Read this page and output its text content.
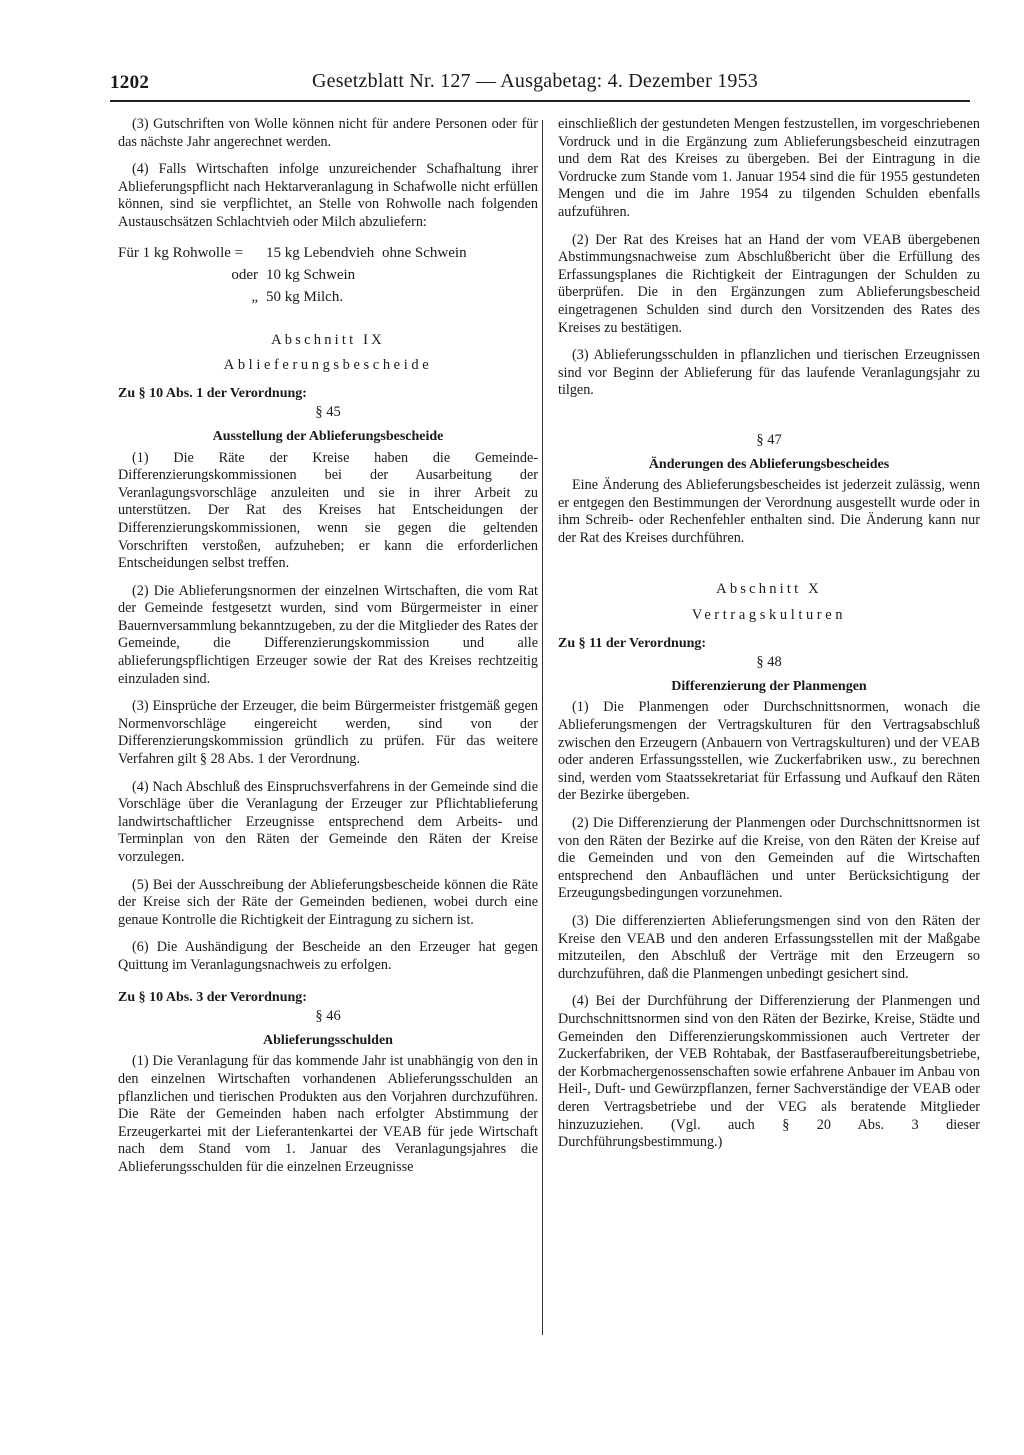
1202	Gesetzblatt Nr. 127 — Ausgabetag: 4. Dezember 1953

(3) Gutschriften von Wolle können nicht für andere Personen oder für das nächste Jahr angerechnet werden.

(4) Falls Wirtschaften infolge unzureichender Schafhaltung ihrer Ablieferungspflicht nach Hektarveranlagung in Schafwolle nicht erfüllen können, sind sie verpflichtet, an Stelle von Rohwolle nach folgenden Austauschsätzen Schlachtvieh oder Milch abzuliefern:

Für 1 kg Rohwolle =	15 kg Lebendvieh ohne Schwein
oder 10 kg Schwein
„ 50 kg Milch.
Abschnitt IX
Ablieferungsbescheide
Zu § 10 Abs. 1 der Verordnung:
§ 45
Ausstellung der Ablieferungsbescheide

(1) Die Räte der Kreise haben die Gemeinde-Differenzierungskommissionen bei der Ausarbeitung der Veranlagungsvorschläge anzuleiten und sie in ihrer Arbeit zu unterstützen. Der Rat des Kreises hat Entscheidungen der Differenzierungskommissionen, wenn sie gegen die geltenden Vorschriften verstoßen, aufzuheben; er kann die erforderlichen Entscheidungen selbst treffen.

(2) Die Ablieferungsnormen der einzelnen Wirtschaften, die vom Rat der Gemeinde festgesetzt wurden, sind vom Bürgermeister in einer Bauernversammlung bekanntzugeben, zu der die Mitglieder des Rates der Gemeinde, die Differenzierungskommission und alle ablieferungspflichtigen Erzeuger sowie der Rat des Kreises rechtzeitig einzuladen sind.

(3) Einsprüche der Erzeuger, die beim Bürgermeister fristgemäß gegen Normenvorschläge eingereicht werden, sind von der Differenzierungskommission gründlich zu prüfen. Für das weitere Verfahren gilt § 28 Abs. 1 der Verordnung.

(4) Nach Abschluß des Einspruchsverfahrens in der Gemeinde sind die Vorschläge über die Veranlagung der Erzeuger zur Pflichtablieferung landwirtschaftlicher Erzeugnisse entsprechend dem Arbeits- und Terminplan von den Räten der Gemeinde den Räten der Kreise vorzulegen.

(5) Bei der Ausschreibung der Ablieferungsbescheide können die Räte der Kreise sich der Räte der Gemeinden bedienen, wobei durch eine genaue Kontrolle die Richtigkeit der Eintragung zu sichern ist.

(6) Die Aushändigung der Bescheide an den Erzeuger hat gegen Quittung im Veranlagungsnachweis zu erfolgen.

Zu § 10 Abs. 3 der Verordnung:
§ 46
Ablieferungsschulden

(1) Die Veranlagung für das kommende Jahr ist unabhängig von den in den einzelnen Wirtschaften vorhandenen Ablieferungsschulden an pflanzlichen und tierischen Produkten aus den Vorjahren durchzuführen. Die Räte der Gemeinden haben nach erfolgter Abstimmung der Erzeugerkartei mit der Lieferantenkartei der VEAB für jede Wirtschaft nach dem Stand vom 1. Januar des Veranlagungsjahres die Ablieferungsschulden für die einzelnen Erzeugnisse

einschließlich der gestundeten Mengen festzustellen, im vorgeschriebenen Vordruck und in die Ergänzung zum Ablieferungsbescheid einzutragen und dem Rat des Kreises zu übergeben. Bei der Eintragung in die Vordrucke zum Stande vom 1. Januar 1954 sind die für 1955 gestundeten Mengen und die im Jahre 1954 zu tilgenden Schulden ebenfalls aufzuführen.

(2) Der Rat des Kreises hat an Hand der vom VEAB übergebenen Abstimmungsnachweise zum Abschlußbericht über die Erfüllung des Erfassungsplanes die Richtigkeit der Eintragungen der Schulden zu überprüfen. Die in den Ergänzungen zum Ablieferungsbescheid eingetragenen Schulden sind durch den Vorsitzenden des Rates des Kreises zu bestätigen.

(3) Ablieferungsschulden in pflanzlichen und tierischen Erzeugnissen sind vor Beginn der Ablieferung für das laufende Veranlagungsjahr zu tilgen.

§ 47
Änderungen des Ablieferungsbescheides

Eine Änderung des Ablieferungsbescheides ist jederzeit zulässig, wenn er entgegen den Bestimmungen der Verordnung ausgestellt wurde oder in ihm Schreib- oder Rechenfehler enthalten sind. Die Änderung kann nur der Rat des Kreises durchführen.

Abschnitt X
Vertragskulturen
Zu § 11 der Verordnung:
§ 48
Differenzierung der Planmengen

(1) Die Planmengen oder Durchschnittsnormen, wonach die Ablieferungsmengen der Vertragskulturen für den Vertragsabschluß zwischen den Erzeugern (Anbauern von Vertragskulturen) und der VEAB oder anderen Erfassungsstellen, wie Zuckerfabriken usw., zu berechnen sind, werden vom Staatssekretariat für Erfassung und Aufkauf den Räten der Bezirke übergeben.

(2) Die Differenzierung der Planmengen oder Durchschnittsnormen ist von den Räten der Bezirke auf die Kreise, von den Räten der Kreise auf die Gemeinden und von den Gemeinden auf die Wirtschaften entsprechend den Anbauflächen und unter Berücksichtigung der Erzeugungsbedingungen vorzunehmen.

(3) Die differenzierten Ablieferungsmengen sind von den Räten der Kreise den VEAB und den anderen Erfassungsstellen mit der Maßgabe mitzuteilen, den Abschluß der Verträge mit den Erzeugern so durchzuführen, daß die Planmengen unbedingt gesichert sind.

(4) Bei der Durchführung der Differenzierung der Planmengen und Durchschnittsnormen sind von den Räten der Bezirke, Kreise, Städte und Gemeinden den Differenzierungskommissionen auch Vertreter der Zuckerfabriken, der VEB Rohtabak, der Bastfaseraufbereitungsbetriebe, der Korbmachergenossenschaften sowie erfahrene Anbauer im Anbau von Heil-, Duft- und Gewürzpflanzen, ferner Sachverständige der VEAB oder deren Vertragsbetriebe und der VEG als beratende Mitglieder hinzuzuziehen. (Vgl. auch § 20 Abs. 3 dieser Durchführungsbestimmung.)
